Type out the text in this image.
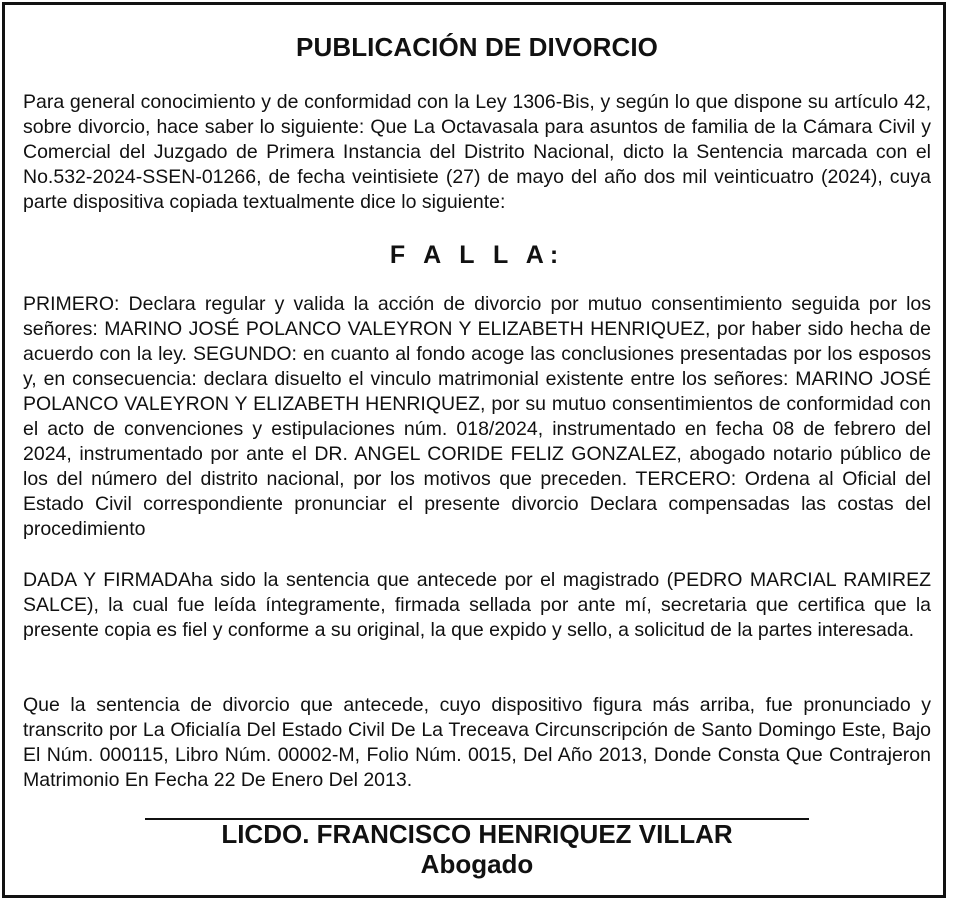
PUBLICACIÓN DE DIVORCIO

Para general conocimiento y de conformidad con la Ley 1306-Bis, y según lo que dispone su artículo 42, sobre divorcio, hace saber lo siguiente: Que La Octavasala para asuntos de familia de la Cámara Civil y Comercial del Juzgado de Primera Instancia del Distrito Nacional, dicto la Sentencia marcada con el No.532-2024-SSEN-01266, de fecha veintisiete (27) de mayo del año dos mil veinticuatro (2024), cuya parte dispositiva copiada textualmente dice lo siguiente:

F A L L A:

PRIMERO: Declara regular y valida la acción de divorcio por mutuo consentimiento seguida por los señores: MARINO JOSÉ POLANCO VALEYRON Y ELIZABETH HENRIQUEZ, por haber sido hecha de acuerdo con la ley. SEGUNDO: en cuanto al fondo acoge las conclusiones presentadas por los esposos y, en consecuencia: declara disuelto el vinculo matrimonial existente entre los señores: MARINO JOSÉ POLANCO VALEYRON Y ELIZABETH HENRIQUEZ, por su mutuo consentimientos de conformidad con el acto de convenciones y estipulaciones núm. 018/2024, instrumentado en fecha 08 de febrero del 2024, instrumentado por ante el DR. ANGEL CORIDE FELIZ GONZALEZ, abogado notario público de los del número del distrito nacional, por los motivos que preceden. TERCERO: Ordena al Oficial del Estado Civil correspondiente pronunciar el presente divorcio Declara compensadas las costas del procedimiento

DADA Y FIRMADAha sido la sentencia que antecede por el magistrado (PEDRO MARCIAL RAMIREZ SALCE), la cual fue leída íntegramente, firmada sellada por ante mí, secretaria que certifica que la presente copia es fiel y conforme a su original, la que expido y sello, a solicitud de la partes interesada.

Que la sentencia de divorcio que antecede, cuyo dispositivo figura más arriba, fue pronunciado y transcrito por La Oficialía Del Estado Civil De La Treceava Circunscripción de Santo Domingo Este, Bajo El Núm. 000115, Libro Núm. 00002-M, Folio Núm. 0015, Del Año 2013, Donde Consta Que Contrajeron Matrimonio En Fecha 22 De Enero Del 2013.

LICDO. FRANCISCO HENRIQUEZ VILLAR

Abogado
